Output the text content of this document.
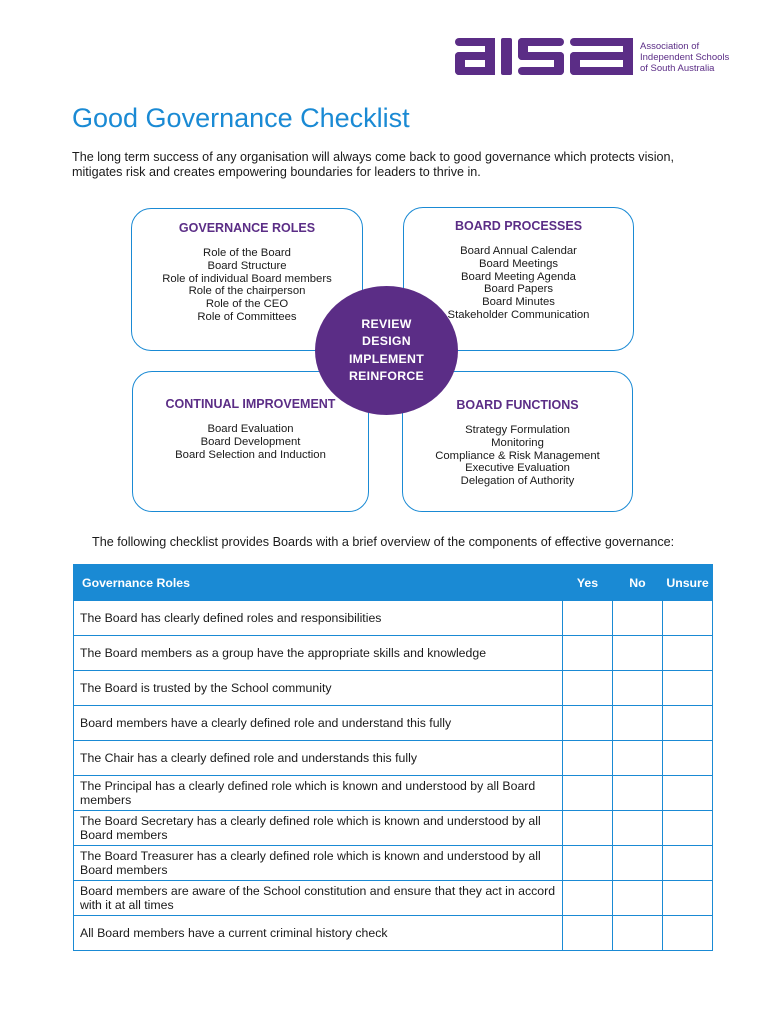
Association of
Independent Schools
of South Australia
Good Governance Checklist

The long term success of any organisation will always come back to good governance which protects vision, mitigates risk and creates empowering boundaries for leaders to thrive in.

GOVERNANCE ROLES
Role of the Board
Board Structure
Role of individual Board members
Role of the chairperson
Role of the CEO
Role of Committees
BOARD PROCESSES
Board Annual Calendar
Board Meetings
Board Meeting Agenda
Board Papers
Board Minutes
Stakeholder Communication
CONTINUAL IMPROVEMENT
Board Evaluation
Board Development
Board Selection and Induction
BOARD FUNCTIONS
Strategy Formulation
Monitoring
Compliance & Risk Management
Executive Evaluation
Delegation of Authority
REVIEW
DESIGN
IMPLEMENT
REINFORCE
The following checklist provides Boards with a brief overview of the components of effective governance:
Governance Roles	Yes	No	Unsure
The Board has clearly defined roles and responsibilities			
The Board members as a group have the appropriate skills and knowledge			
The Board is trusted by the School community			
Board members have a clearly defined role and understand this fully			
The Chair has a clearly defined role and understands this fully			
The Principal has a clearly defined role which is known and understood by all Board members			
The Board Secretary has a clearly defined role which is known and understood by all Board members			
The Board Treasurer has a clearly defined role which is known and understood by all Board members			
Board members are aware of the School constitution and ensure that they act in accord with it at all times			
All Board members have a current criminal history check			
